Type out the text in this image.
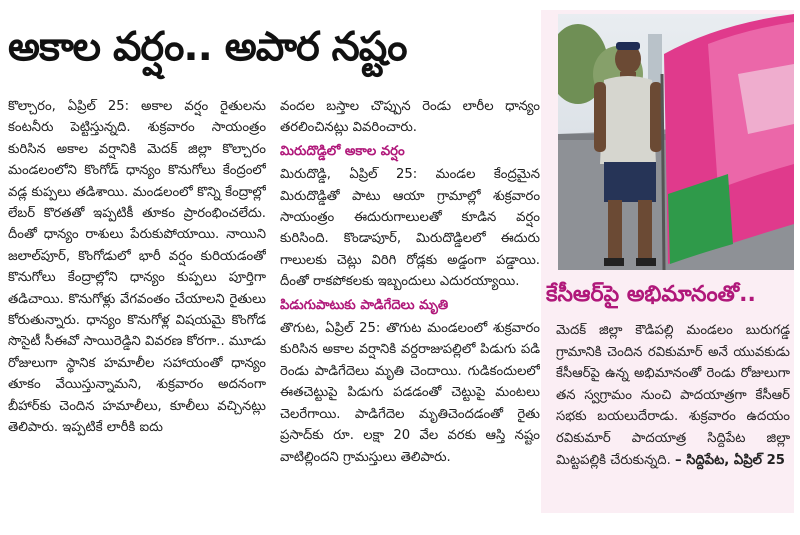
అకాల వర్షం.. అపార నష్టం

కొల్చారం, ఏప్రిల్ 25: అకాల వర్షం రైతులను కంటనీరు పెట్టిస్తున్నది. శుక్రవారం సాయంత్రం కురిసిన అకాల వర్షానికి మెదక్ జిల్లా కొల్చారం మండలంలోని కొంగోడ్ ధాన్యం కొనుగోలు కేంద్రంలో వడ్ల కుప్పలు తడిశాయి. మండలంలో కొన్ని కేంద్రాల్లో లేబర్ కొరతతో ఇప్పటికీ తూకం ప్రారంభించలేదు. దీంతో ధాన్యం రాశులు పేరుకుపోయాయి. నాయిని జలాల్‌పూర్, కొంగోడులో భారీ వర్షం కురియడంతో కొనుగోలు కేంద్రాల్లోని ధాన్యం కుప్పలు పూర్తిగా తడిచాయి. కొనుగోళ్లు వేగవంతం చేయాలని రైతులు కోరుతున్నారు. ధాన్యం కొనుగోళ్ల విషయమై కొంగోడ సొసైటీ సీఈవో సాయిరెడ్డిని వివరణ కోరగా.. మూడు రోజులుగా స్థానిక హమాలీల సహాయంతో ధాన్యం తూకం వేయిస్తున్నామని, శుక్రవారం అదనంగా బీహార్‌కు చెందిన హమాలీలు, కూలీలు వచ్చినట్లు తెలిపారు. ఇప్పటికే లారీకి ఐదు

వందల బస్తాల చొప్పున రెండు లారీల ధాన్యం తరలించినట్లు వివరించారు.

మిరుదొడ్డిలో అకాల వర్షం

మిరుదొడ్డి, ఏప్రిల్ 25: మండల కేంద్రమైన మిరుదొడ్డితో పాటు ఆయా గ్రామాల్లో శుక్రవారం సాయంత్రం ఈదురుగాలులతో కూడిన వర్షం కురిసింది. కొండాపూర్, మిరుదొడ్డిలలో ఈదురు గాలులకు చెట్లు విరిగి రోడ్లకు అడ్డంగా పడ్డాయి. దీంతో రాకపోకలకు ఇబ్బందులు ఎదురయ్యాయి.

పిడుగుపాటుకు పాడిగేదెలు మృతి

తొగుట, ఏప్రిల్ 25: తొగుట మండలంలో శుక్రవారం కురిసిన అకాల వర్షానికి వర్దరాజుపల్లిలో పిడుగు పడి రెండు పాడిగేదెలు మృతి చెందాయి. గుడికందులలో ఈతచెట్టుపై పిడుగు పడడంతో చెట్టుపై మంటలు చెలరేగాయి. పాడిగేదెల మృతిచెందడంతో రైతు ప్రసాద్‌కు రూ. లక్షా 20 వేల వరకు ఆస్తి నష్టం వాటిల్లిందని గ్రామస్తులు తెలిపారు.

కేసీఆర్‌పై అభిమానంతో..

మెదక్ జిల్లా కౌడిపల్లి మండలం బురుగడ్డ గ్రామానికి చెందిన రవికుమార్ అనే యువకుడు కేసీఆర్‌పై ఉన్న అభిమానంతో రెండు రోజులుగా తన స్వగ్రామం నుంచి పాదయాత్రగా కేసీఆర్ సభకు బయలుదేరాడు. శుక్రవారం ఉదయం రవికుమార్ పాదయాత్ర సిద్దిపేట జిల్లా మిట్టపల్లికి చేరుకున్నది. – సిద్దిపేట, ఏప్రిల్ 25
